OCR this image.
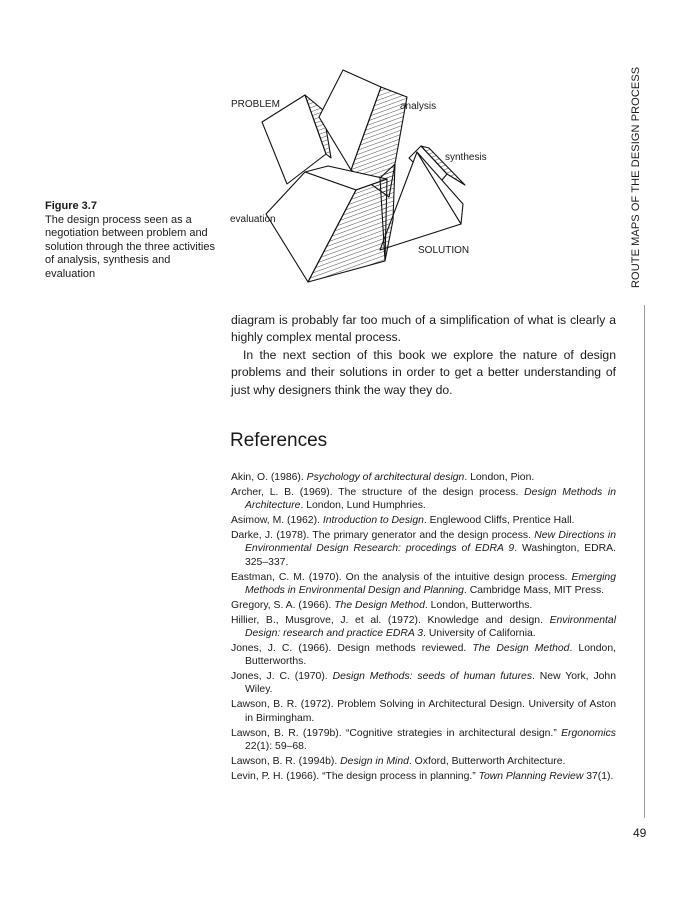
Figure 3.7
The design process seen as a negotiation between problem and solution through the three activities of analysis, synthesis and evaluation
PROBLEM	analysis
synthesis
evaluation
SOLUTION	ROUTE MAPS OF THE DESIGN PROCESS

diagram is probably far too much of a simplification of what is clearly a highly complex mental process.

In the next section of this book we explore the nature of design problems and their solutions in order to get a better understanding of just why designers think the way they do.

References
Akin, O. (1986). Psychology of architectural design. London, Pion.
Archer, L. B. (1969). The structure of the design process. Design Methods in Architecture. London, Lund Humphries.
Asimow, M. (1962). Introduction to Design. Englewood Cliffs, Prentice Hall.
Darke, J. (1978). The primary generator and the design process. New Directions in Environmental Design Research: procedings of EDRA 9. Washington, EDRA. 325–337.
Eastman, C. M. (1970). On the analysis of the intuitive design process. Emerging Methods in Environmental Design and Planning. Cambridge Mass, MIT Press.
Gregory, S. A. (1966). The Design Method. London, Butterworths.
Hillier, B., Musgrove, J. et al. (1972). Knowledge and design. Environmental Design: research and practice EDRA 3. University of California.
Jones, J. C. (1966). Design methods reviewed. The Design Method. London, Butterworths.
Jones, J. C. (1970). Design Methods: seeds of human futures. New York, John Wiley.
Lawson, B. R. (1972). Problem Solving in Architectural Design. University of Aston in Birmingham.
Lawson, B. R. (1979b). “Cognitive strategies in architectural design.” Ergonomics 22(1): 59–68.
Lawson, B. R. (1994b). Design in Mind. Oxford, Butterworth Architecture.
Levin, P. H. (1966). “The design process in planning.” Town Planning Review 37(1).
49
